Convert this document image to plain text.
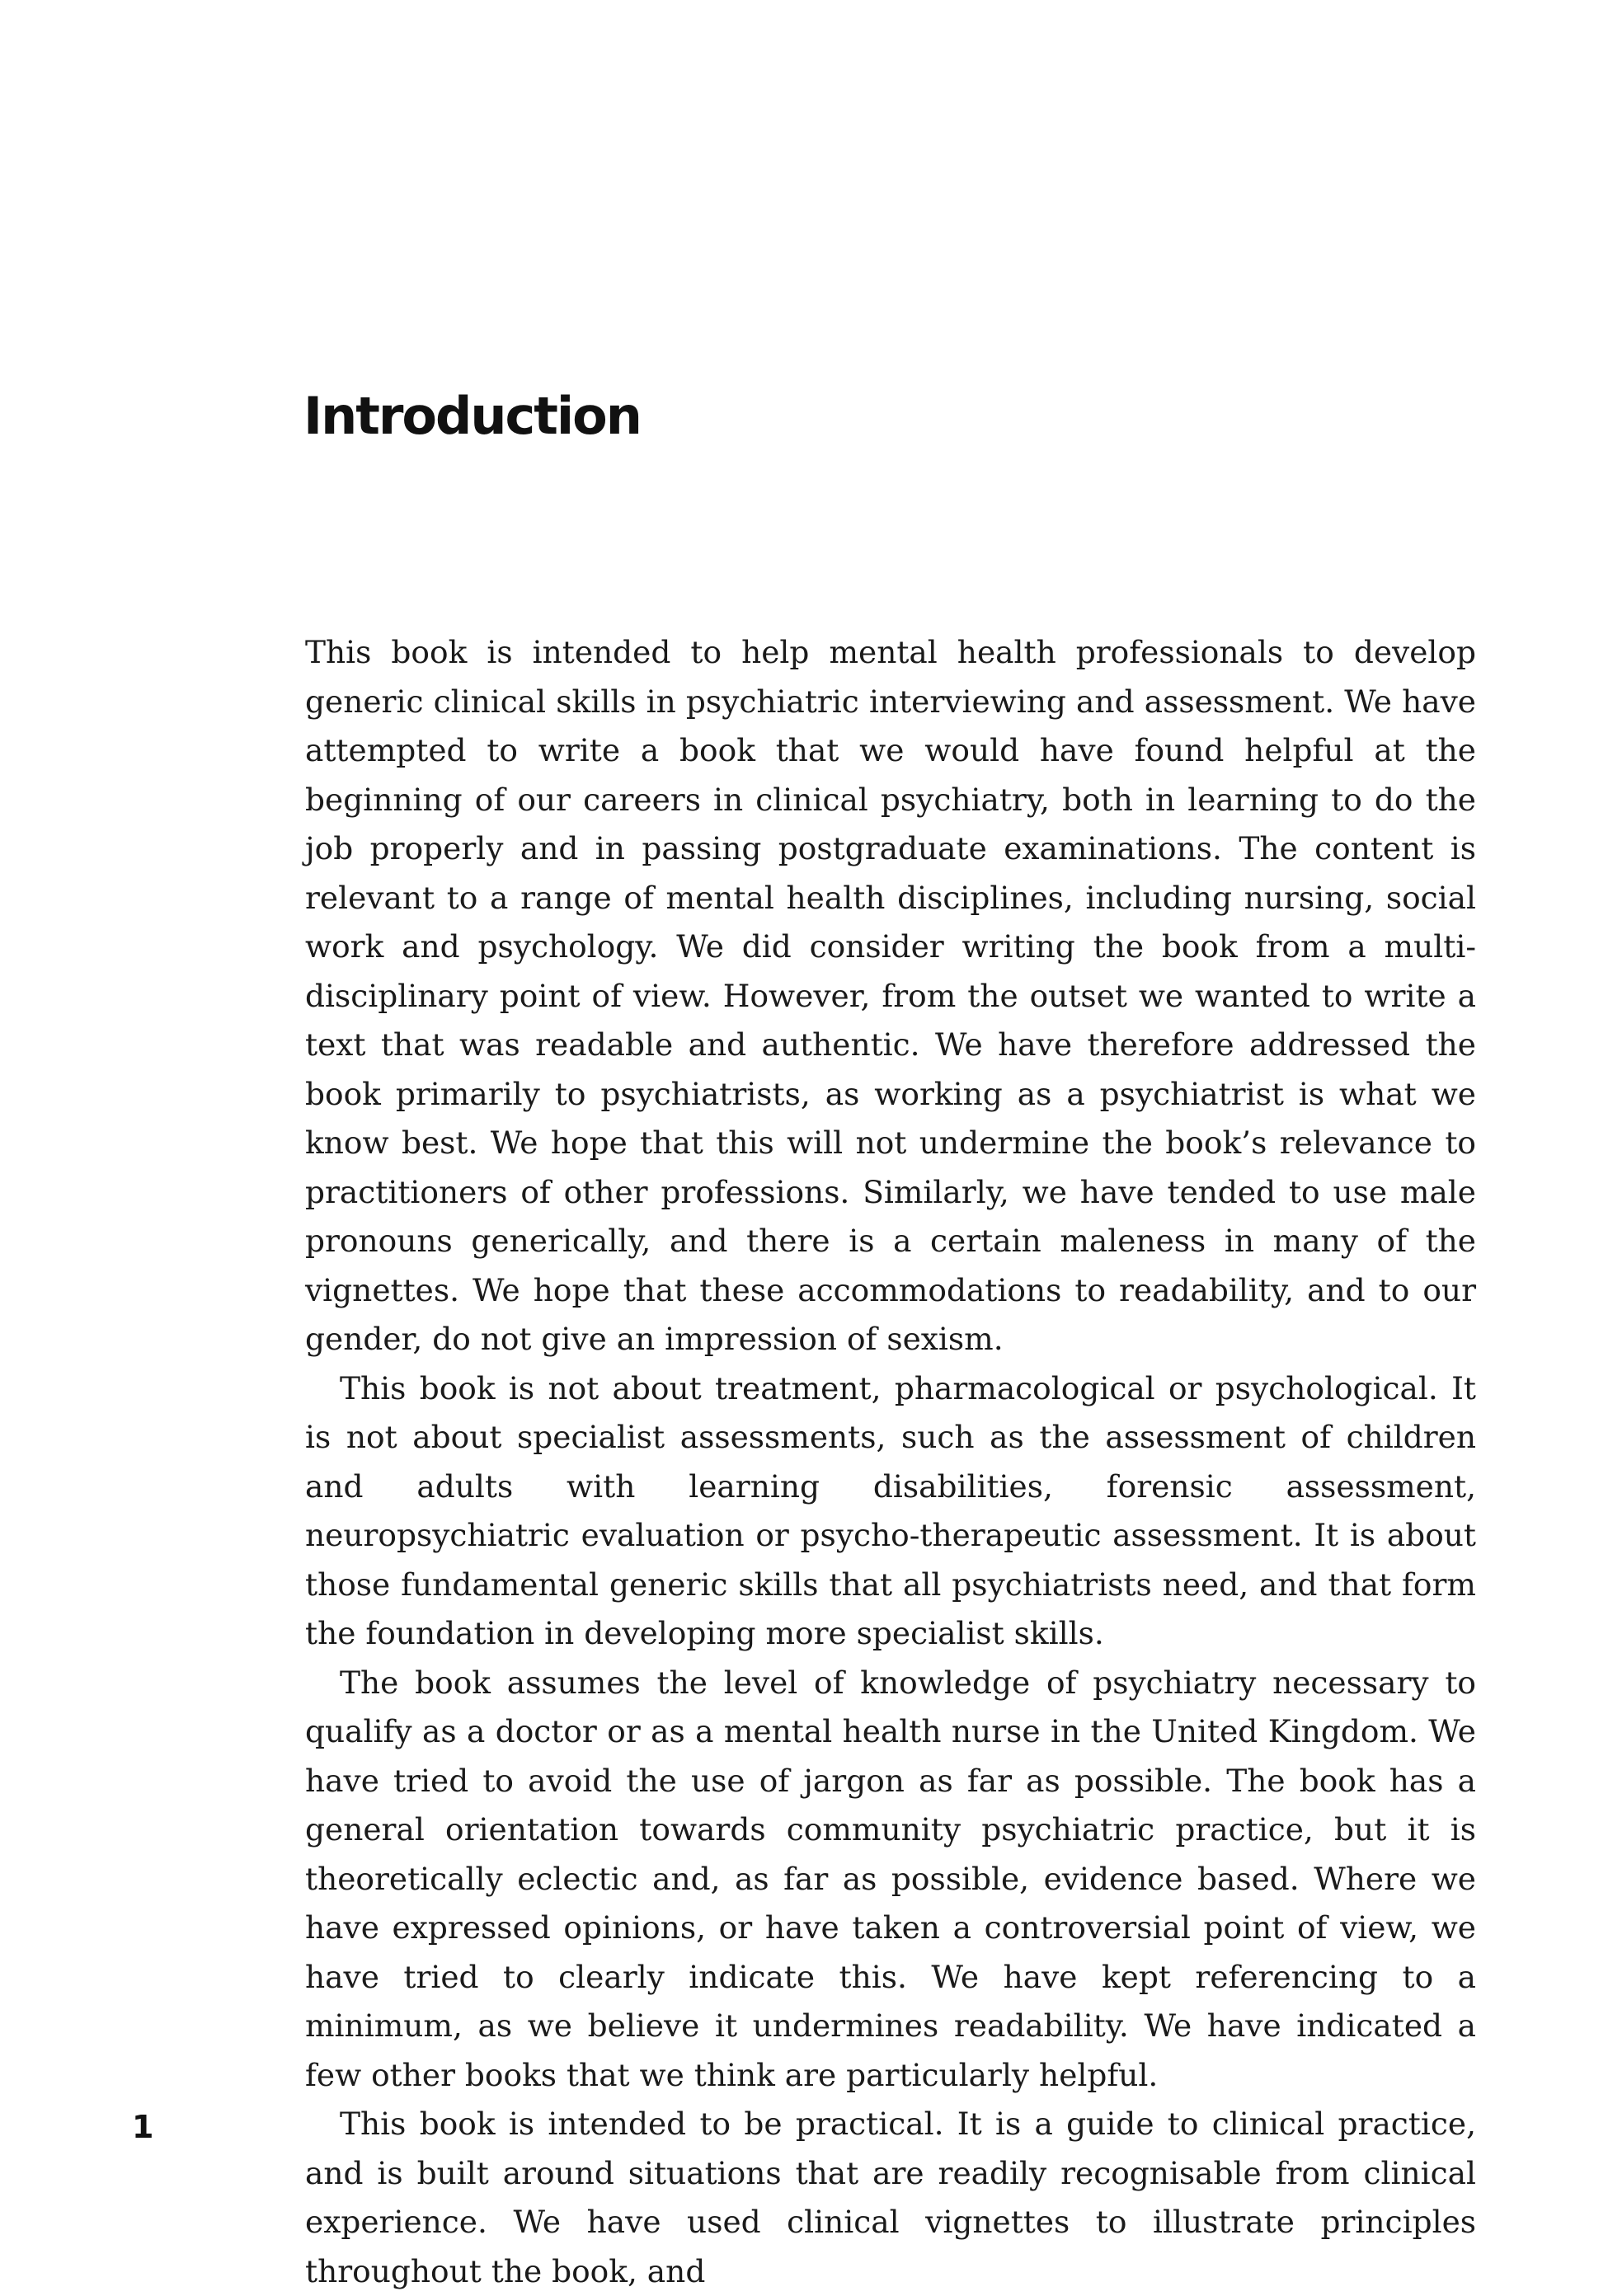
Introduction

This book is intended to help mental health professionals to develop generic clinical skills in psychiatric interviewing and assessment. We have attempted to write a book that we would have found helpful at the beginning of our careers in clinical psychiatry, both in learning to do the job properly and in passing postgraduate examinations. The content is relevant to a range of mental health disciplines, including nursing, social work and psychology. We did consider writing the book from a multi-disciplinary point of view. However, from the outset we wanted to write a text that was readable and authentic. We have therefore addressed the book primarily to psychiatrists, as working as a psychiatrist is what we know best. We hope that this will not undermine the book’s relevance to practitioners of other professions. Similarly, we have tended to use male pronouns generically, and there is a certain maleness in many of the vignettes. We hope that these accommodations to readability, and to our gender, do not give an impression of sexism.

This book is not about treatment, pharmacological or psychological. It is not about specialist assessments, such as the assessment of children and adults with learning disabilities, forensic assessment, neuropsychiatric evaluation or psycho-therapeutic assessment. It is about those fundamental generic skills that all psychiatrists need, and that form the foundation in developing more specialist skills.

The book assumes the level of knowledge of psychiatry necessary to qualify as a doctor or as a mental health nurse in the United Kingdom. We have tried to avoid the use of jargon as far as possible. The book has a general orientation towards community psychiatric practice, but it is theoretically eclectic and, as far as possible, evidence based. Where we have expressed opinions, or have taken a controversial point of view, we have tried to clearly indicate this. We have kept referencing to a minimum, as we believe it undermines readability. We have indicated a few other books that we think are particularly helpful.

This book is intended to be practical. It is a guide to clinical practice, and is built around situations that are readily recognisable from clinical experience. We have used clinical vignettes to illustrate principles throughout the book, and

1
